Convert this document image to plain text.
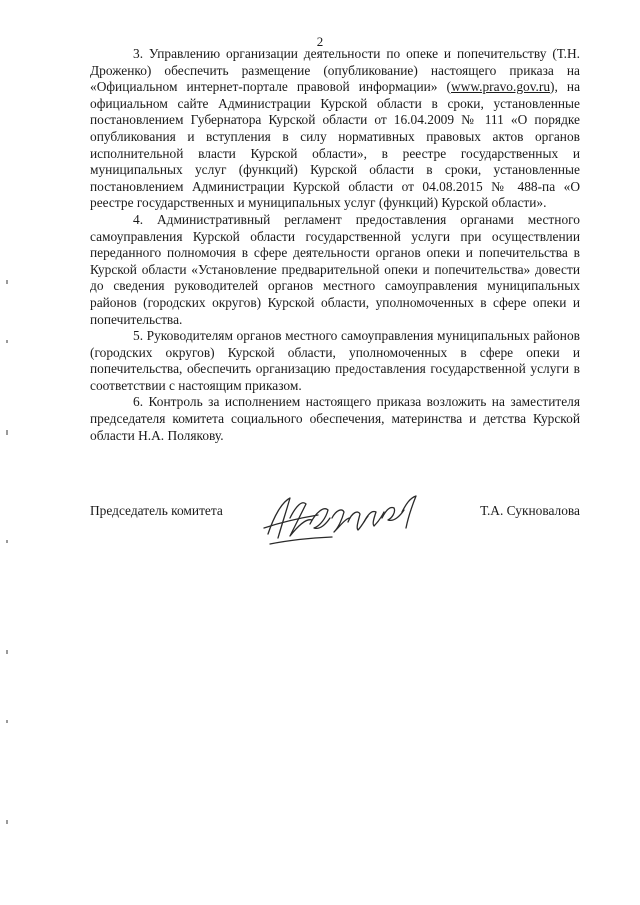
2

3. Управлению организации деятельности по опеке и попечительству (Т.Н. Дроженко) обеспечить размещение (опубликование) настоящего приказа на «Официальном интернет-портале правовой информации» (www.pravo.gov.ru), на официальном сайте Администрации Курской области в сроки, установленные постановлением Губернатора Курской области от 16.04.2009 № 111 «О порядке опубликования и вступления в силу нормативных правовых актов органов исполнительной власти Курской области», в реестре государственных и муниципальных услуг (функций) Курской области в сроки, установленные постановлением Администрации Курской области от 04.08.2015 № 488-па «О реестре государственных и муниципальных услуг (функций) Курской области».

4. Административный регламент предоставления органами местного самоуправления Курской области государственной услуги при осуществлении переданного полномочия в сфере деятельности органов опеки и попечительства в Курской области «Установление предварительной опеки и попечительства» довести до сведения руководителей органов местного самоуправления муниципальных районов (городских округов) Курской области, уполномоченных в сфере опеки и попечительства.

5. Руководителям органов местного самоуправления муниципальных районов (городских округов) Курской области, уполномоченных в сфере опеки и попечительства, обеспечить организацию предоставления государственной услуги в соответствии с настоящим приказом.

6. Контроль за исполнением настоящего приказа возложить на заместителя председателя комитета социального обеспечения, материнства и детства Курской области Н.А. Полякову.

Председатель комитета	Т.А. Сукновалова
